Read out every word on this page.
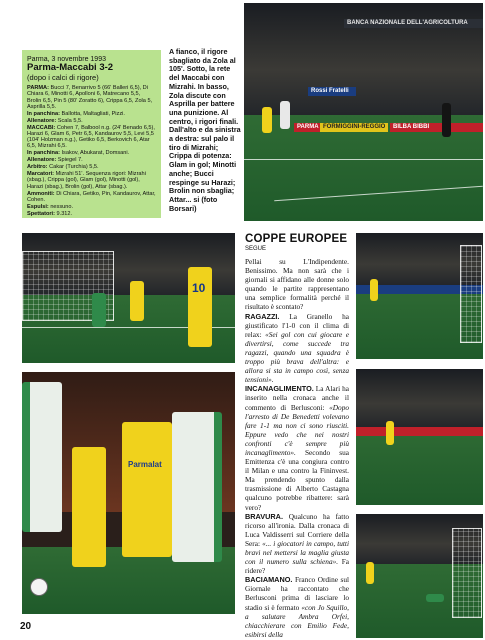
BANCA NAZIONALE DELL'AGRICOLTURA
Rossi Fratelli
PARMA FORMIGGINI-REGGIO	BILBA BIBBI
Parma, 3 novembre 1993
Parma-Maccabi 3-2
(dopo i calci di rigore)

PARMA: Bucci 7, Benarrivo 5 (66' Balleri 6,5), Di Chiara 6, Minotti 6, Apolloni 6, Matrecano 5,5, Brolin 6,5, Pin 5 (80' Zoratto 6), Crippa 6,5, Zola 5, Asprilla 5,5.

In panchina: Ballotta, Maltagliati, Pizzi.

Allenatore: Scala 5,5.

MACCABI: Cohen 7, Balbool n.g. (24' Benado 6,5), Harazi 6, Glam 6, Petr 6,5, Kandaurov 5,5, Levi 5,5 (104' Holzman n.g.), Getiko 6,5, Berkovich 6, Atar 6,5, Mizrahi 6,5.

In panchina: Isakov, Abukarat, Domsani.

Allenatore: Spiegel 7.

Arbitro: Cakar (Turchia) 5,5.

Marcatori: Mizrahi 51'. Sequenza rigori: Mizrahi (sbag.), Crippa (gol), Glam (gol), Minotti (gol), Harazi (sbag.), Brolin (gol), Attar (sbag.).

Ammoniti: Di Chiara, Getiko, Pin, Kandaurov, Attar, Cohen.

Espulsi: nessuno.

Spettatori: 9.312.

A fianco, il rigore sbagliato da Zola al 105'. Sotto, la rete del Maccabi con Mizrahi. In basso, Zola discute con Asprilla per battere una punizione. Al centro, i rigori finali. Dall'alto e da sinistra a destra: sul palo il tiro di Mizrahi; Crippa di potenza: Glam in gol; Minotti anche; Bucci respinge su Harazi; Brolin non sbaglia; Attar... si (foto Borsari)
10
Parmalat
COPPE EUROPEE
SEGUE

Pellai su L'Indipendente. Benissimo. Ma non sarà che i giornali si affidano alle donne solo quando le partite rappresentano una semplice formalità perché il risultato è scontato?

RAGAZZI. La Granello ha giustificato l'1-0 con il clima di relax: «Sei gol con cui giocare e divertirsi, come succede tra ragazzi, quando una squadra è troppo più brava dell'altra: e allora si sta in campo così, senza tensioni».

INCANAGLIMENTO. La Alari ha inserito nella cronaca anche il commento di Berlusconi: «Dopo l'arresto di De Benedetti volevano fare 1-1 ma non ci sono riusciti. Eppure vedo che nei nostri confronti c'è sempre più incanaglimento». Secondo sua Emittenza c'è una congiura contro il Milan e una contro la Fininvest. Ma prendendo spunto dalla trasmissione di Alberto Castagna qualcuno potrebbe ribattere: sarà vero?

BRAVURA. Qualcuno ha fatto ricorso all'ironia. Dalla cronaca di Luca Valdisserri sul Corriere della Sera: «... i giocatori in campo, tutti bravi nel mettersi la maglia giusta con il numero sulla schiena». Fa ridere?

BACIAMANO. Franco Ordine sul Giornale ha raccontato che Berlusconi prima di lasciare lo stadio si è fermato «con Jo Squillo, a salutare Ambra Orfei, chiacchierare con Emilio Fede, esibirsi della

20
